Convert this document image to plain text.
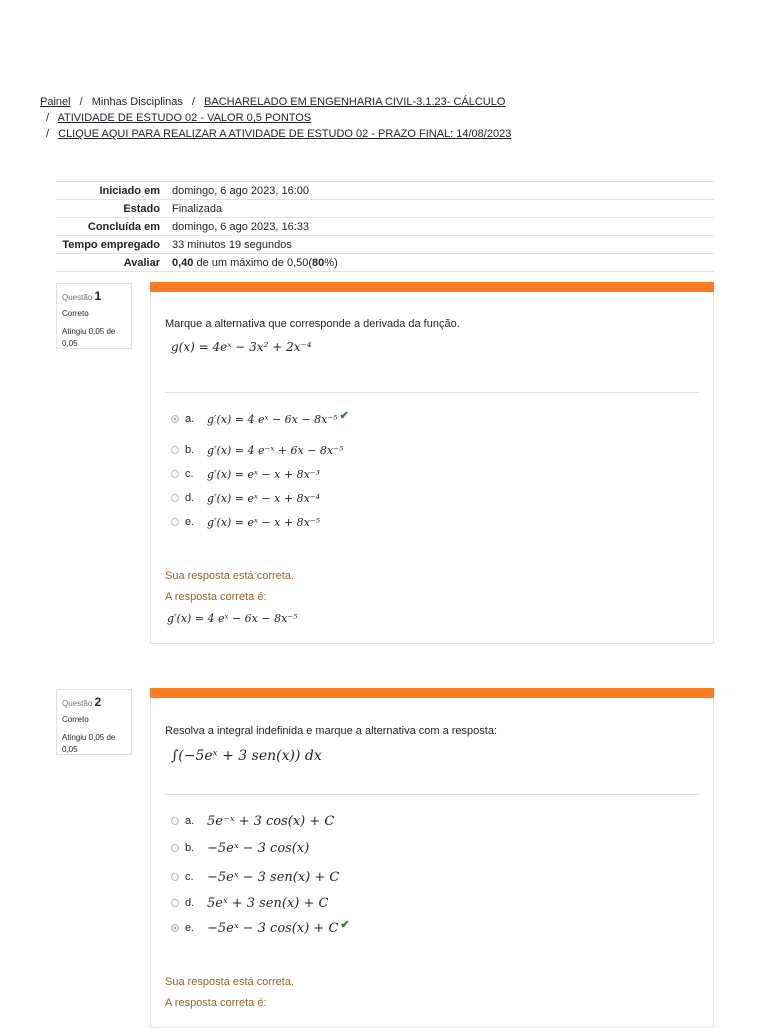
Painel / Minhas Disciplinas / BACHARELADO EM ENGENHARIA CIVIL-3.1.23- CÁLCULO
/ ATIVIDADE DE ESTUDO 02 - VALOR 0,5 PONTOS
/ CLIQUE AQUI PARA REALIZAR A ATIVIDADE DE ESTUDO 02 - PRAZO FINAL: 14/08/2023
Iniciado em	domingo, 6 ago 2023, 16:00
Estado	Finalizada
Concluída em	domingo, 6 ago 2023, 16:33
Tempo empregado	33 minutos 19 segundos
Avaliar	0,40 de um máximo de 0,50(80%)
Questão 1
Correto
Atingiu 0,05 de 0,05
Marque a alternativa que corresponde a derivada da função.
g(x) = 4eˣ − 3x² + 2x⁻⁴
a.	g′(x) = 4 eˣ − 6x − 8x⁻⁵ ✔
b.	g′(x) = 4 e⁻ˣ + 6x − 8x⁻⁵
c.	g′(x) = eˣ − x + 8x⁻³
d.	g′(x) = eˣ − x + 8x⁻⁴
e.	g′(x) = eˣ − x + 8x⁻⁵
Sua resposta está correta.
A resposta correta é:
g′(x) = 4 eˣ − 6x − 8x⁻⁵
Questão 2
Correto
Atingiu 0,05 de 0,05
Resolva a integral indefinida e marque a alternativa com a resposta:
∫(−5eˣ + 3 sen(x)) dx
a. 5e⁻ˣ + 3 cos(x) + C
b. −5eˣ − 3 cos(x)
c.	−5eˣ − 3 sen(x) + C
d. 5eˣ + 3 sen(x) + C
e. −5eˣ − 3 cos(x) + C ✔
Sua resposta está correta.
A resposta correta é:
